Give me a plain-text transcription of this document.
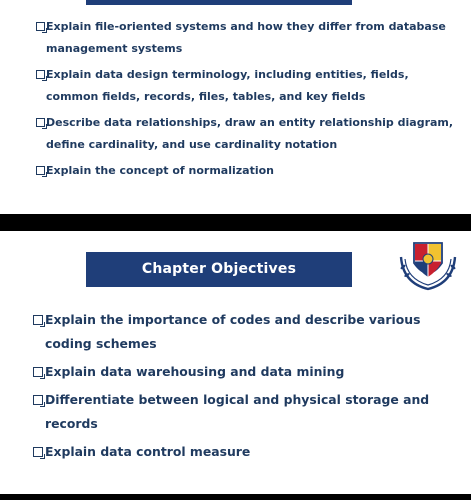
Explain file-oriented systems and how they differ from database management systems
Explain data design terminology, including entities, fields, common fields, records, files, tables, and key fields
Describe data relationships, draw an entity relationship diagram, define cardinality, and use cardinality notation
Explain the concept of normalization
Chapter Objectives
Explain the importance of codes and describe various coding schemes
Explain data warehousing and data mining
Differentiate between logical and physical storage and records
Explain data control measure
